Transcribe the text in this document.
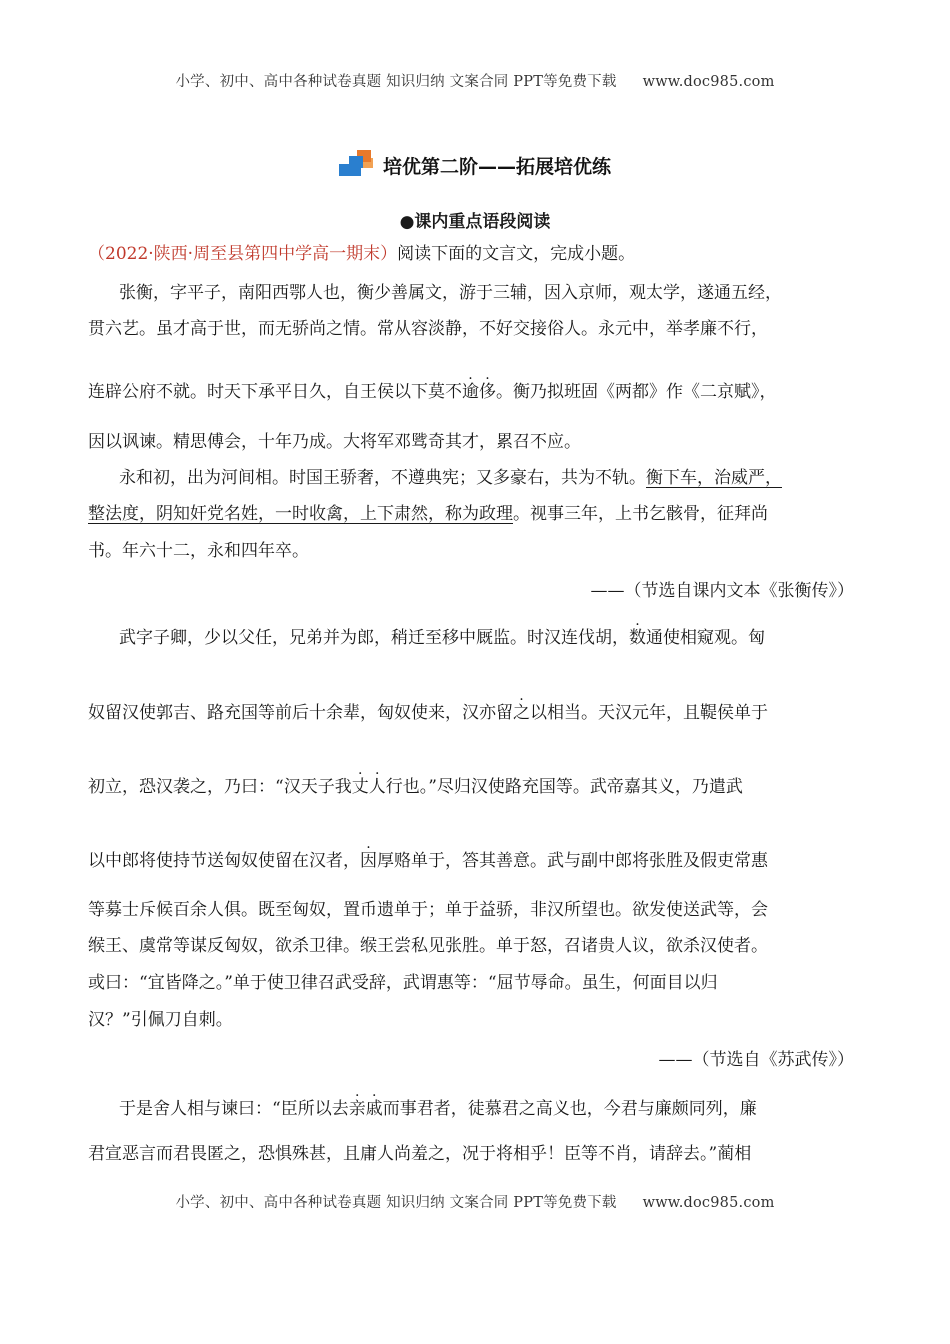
小学、初中、高中各种试卷真题 知识归纳 文案合同 PPT等免费下载 www.doc985.com
培优第二阶——拓展培优练
●课内重点语段阅读
（2022·陕西·周至县第四中学高一期末）阅读下面的文言文，完成小题。
张衡，字平子，南阳西鄂人也，衡少善属文，游于三辅，因入京师，观太学，遂通五经，
贯六艺。虽才高于世，而无骄尚之情。常从容淡静，不好交接俗人。永元中，举孝廉不行，
连辟公府不就。时天下承平日久，自王侯以下莫不逾侈。衡乃拟班固《两都》作《二京赋》，
因以讽谏。精思傅会，十年乃成。大将军邓骘奇其才，累召不应。
永和初，出为河间相。时国王骄奢，不遵典宪；又多豪右，共为不轨。衡下车，治威严，
整法度，阴知奸党名姓，一时收禽，上下肃然，称为政理。视事三年，上书乞骸骨，征拜尚
书。年六十二，永和四年卒。
——（节选自课内文本《张衡传》）
武字子卿，少以父任，兄弟并为郎，稍迁至移中厩监。时汉连伐胡，数通使相窥观。匈
奴留汉使郭吉、路充国等前后十余辈，匈奴使来，汉亦留之以相当。天汉元年，且鞮侯单于
初立，恐汉袭之，乃曰：“汉天子我丈人行也。”尽归汉使路充国等。武帝嘉其义，乃遣武
以中郎将使持节送匈奴使留在汉者，因厚赂单于，答其善意。武与副中郎将张胜及假吏常惠
等募士斥候百余人俱。既至匈奴，置币遗单于；单于益骄，非汉所望也。欲发使送武等，会
缑王、虞常等谋反匈奴，欲杀卫律。缑王尝私见张胜。单于怒，召诸贵人议，欲杀汉使者。
或曰：“宜皆降之。”单于使卫律召武受辞，武谓惠等：“屈节辱命。虽生，何面目以归
汉？”引佩刀自刺。
——（节选自《苏武传》）
于是舍人相与谏曰：“臣所以去亲戚而事君者，徒慕君之高义也，今君与廉颇同列，廉
君宣恶言而君畏匿之，恐惧殊甚，且庸人尚羞之，况于将相乎！臣等不肖，请辞去。”蔺相
小学、初中、高中各种试卷真题 知识归纳 文案合同 PPT等免费下载 www.doc985.com
